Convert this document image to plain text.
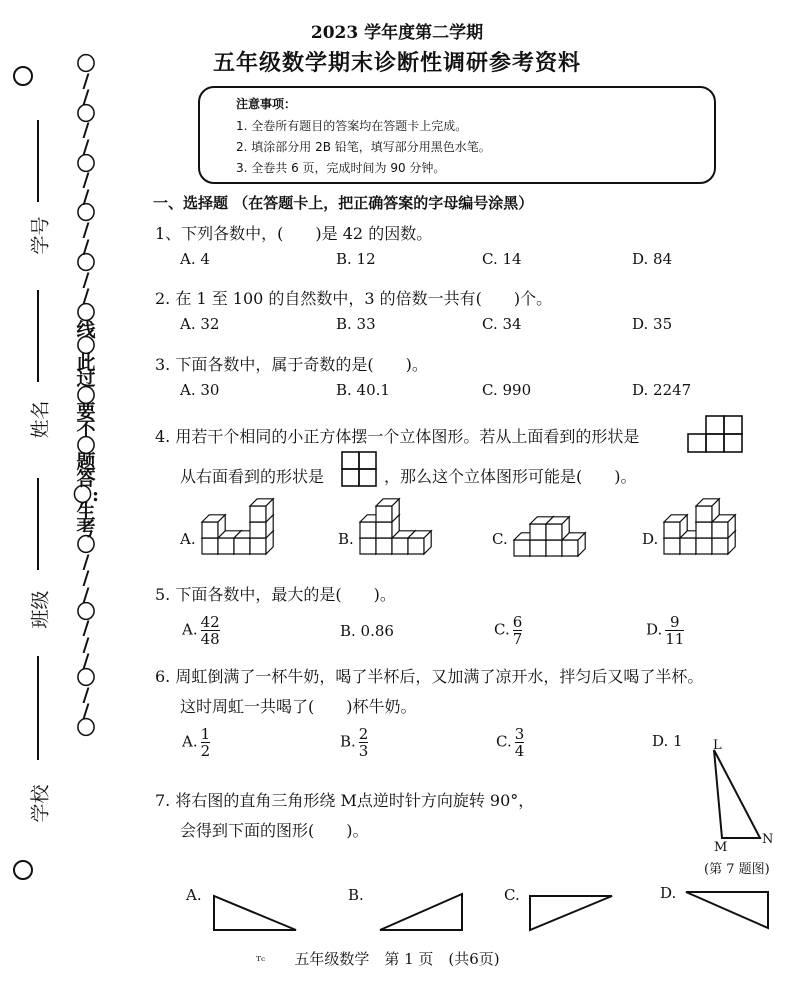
学号
姓名
班级
学校
〇
/
/
〇
/
/
〇
/
/
〇
/
/
〇
/
/
〇
线
〇
此
过
〇
要
不
〇
题
答
〇:
生
考
〇
/
/
/
〇
/
/
/
〇
/
/
〇
2023 学年度第二学期
五年级数学期末诊断性调研参考资料
注意事项：
1. 全卷所有题目的答案均在答题卡上完成。
2. 填涂部分用 2B 铅笔，填写部分用黑色水笔。
3. 全卷共 6 页，完成时间为 90 分钟。
一、选择题 （在答题卡上，把正确答案的字母编号涂黑）
1、下列各数中，(　　)是 42 的因数。
A. 4	B. 12	C. 14	D. 84
2. 在 1 至 100 的自然数中，3 的倍数一共有(　　)个。
A. 32	B. 33	C. 34	D. 35
3. 下面各数中，属于奇数的是(　　)。
A. 30	B. 40.1	C. 990	D. 2247
4. 用若干个相同的小正方体摆一个立体图形。若从上面看到的形状是
从右面看到的形状是	，那么这个立体图形可能是(　　)。
A.	B.	C.	D.
5. 下面各数中，最大的是(　　)。
A. $\frac{42}{48}$	B. 0.86	C. $\frac{6}{7}$	D. $\frac{9}{11}$
6. 周虹倒满了一杯牛奶，喝了半杯后，又加满了凉开水，拌匀后又喝了半杯。
这时周虹一共喝了(　　)杯牛奶。
A. $\frac{1}{2}$	B. $\frac{2}{3}$	C. $\frac{3}{4}$	D. 1
7. 将右图的直角三角形绕 M点逆时针方向旋转 90°，
会得到下面的图形(　　)。
L
M
N
(第 7 题图)
A.	B.	C.	D.
ᵀᶜ	五年级数学　第 1 页　(共6页)
